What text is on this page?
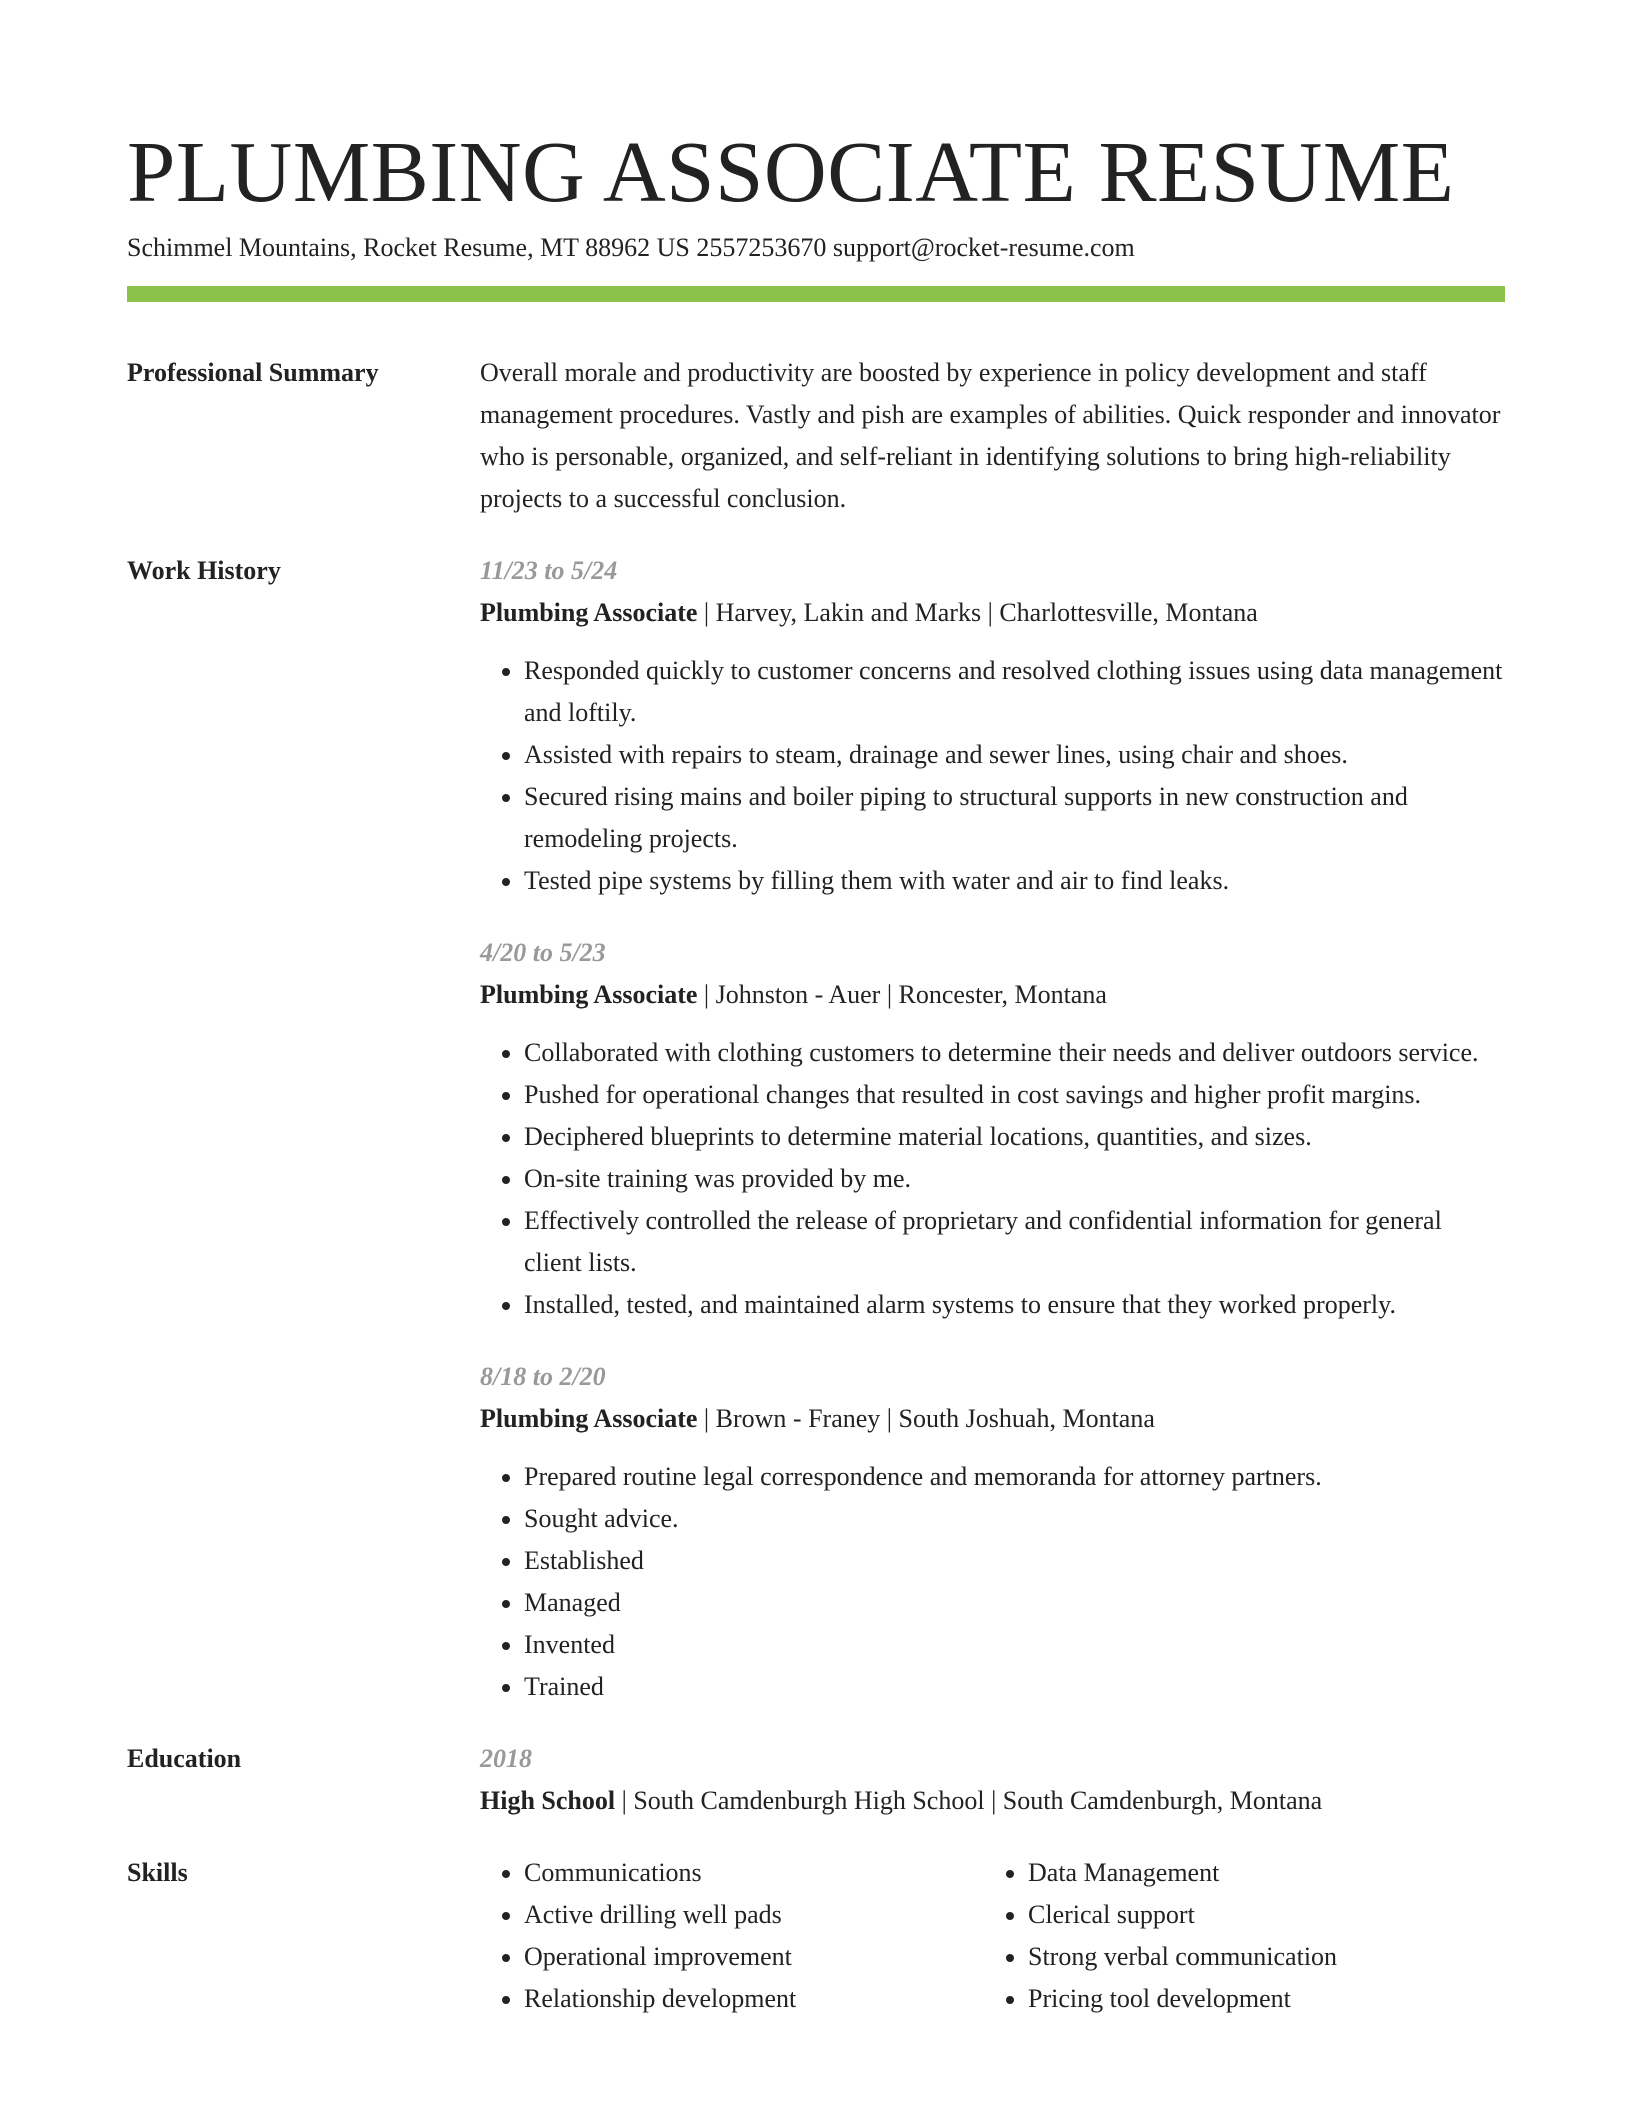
PLUMBING ASSOCIATE RESUME
Schimmel Mountains, Rocket Resume, MT 88962 US 2557253670 support@rocket-resume.com
Professional Summary	Overall morale and productivity are boosted by experience in policy development and staff management procedures. Vastly and pish are examples of abilities. Quick responder and innovator who is personable, organized, and self-reliant in identifying solutions to bring high-reliability projects to a successful conclusion.

Work History	11/23 to 5/24
Plumbing Associate | Harvey, Lakin and Marks | Charlottesville, Montana
• Responded quickly to customer concerns and resolved clothing issues using data management and loftily.
• Assisted with repairs to steam, drainage and sewer lines, using chair and shoes.
• Secured rising mains and boiler piping to structural supports in new construction and remodeling projects.
• Tested pipe systems by filling them with water and air to find leaks.
4/20 to 5/23
Plumbing Associate | Johnston - Auer | Roncester, Montana
• Collaborated with clothing customers to determine their needs and deliver outdoors service.
• Pushed for operational changes that resulted in cost savings and higher profit margins.
• Deciphered blueprints to determine material locations, quantities, and sizes.
• On-site training was provided by me.
• Effectively controlled the release of proprietary and confidential information for general client lists.
• Installed, tested, and maintained alarm systems to ensure that they worked properly.
8/18 to 2/20
Plumbing Associate | Brown - Franey | South Joshuah, Montana
• Prepared routine legal correspondence and memoranda for attorney partners.
• Sought advice.
• Established
• Managed
• Invented
• Trained
Education	2018
High School | South Camdenburgh High School | South Camdenburgh, Montana
Skills	• Communications
• Active drilling well pads
• Operational improvement
• Relationship development
• Data Management
• Clerical support
• Strong verbal communication
• Pricing tool development
